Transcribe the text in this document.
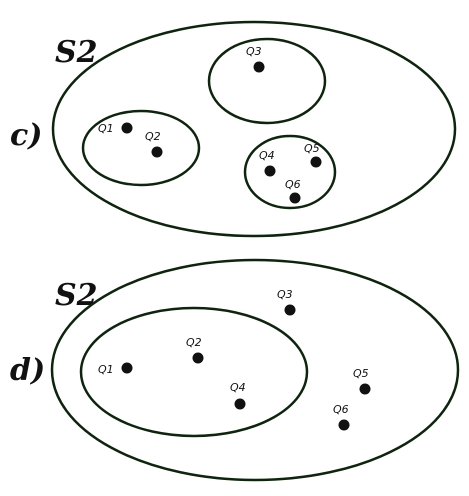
S2
c)	Q1
Q2
Q3
Q4
Q5
Q6
S2
d)	Q1
Q2
Q4
Q3
Q5
Q6
